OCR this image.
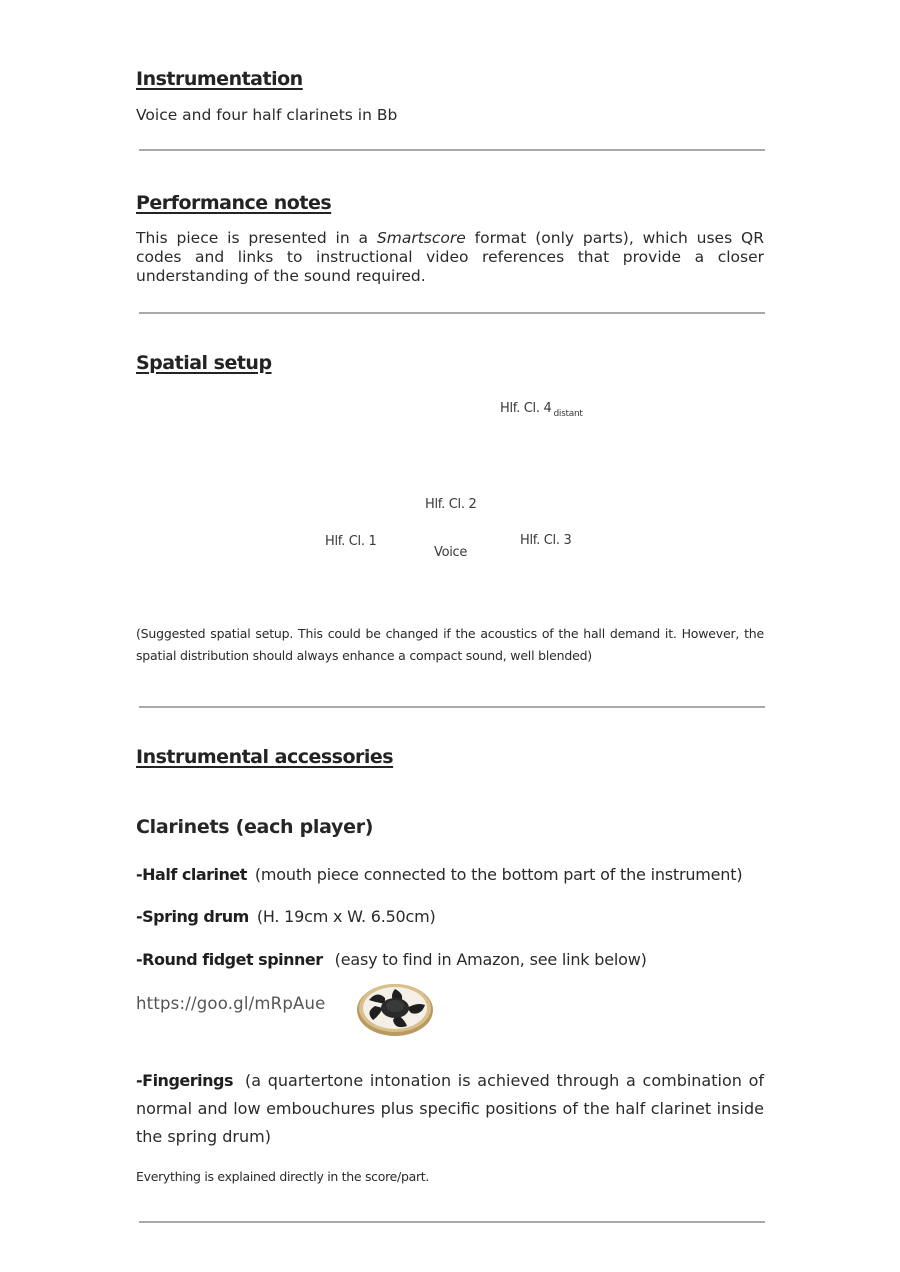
Instrumentation
Voice and four half clarinets in Bb
Performance notes
This piece is presented in a Smartscore format (only parts), which uses QR codes and links to instructional video references that provide a closer understanding of the sound required.
Spatial setup
Hlf. Cl. 4 $_{distant}$
Hlf. Cl. 2
Hlf. Cl. 1	Hlf. Cl. 3
Voice
(Suggested spatial setup. This could be changed if the acoustics of the hall demand it. However, the spatial distribution should always enhance a compact sound, well blended)
Instrumental accessories
Clarinets (each player)
-Half clarinet (mouth piece connected to the bottom part of the instrument)
-Spring drum (H. 19cm x W. 6.50cm)
-Round fidget spinner (easy to find in Amazon, see link below)
https://goo.gl/mRpAue
-Fingerings (a quartertone intonation is achieved through a combination of normal and low embouchures plus specific positions of the half clarinet inside the spring drum)
Everything is explained directly in the score/part.
